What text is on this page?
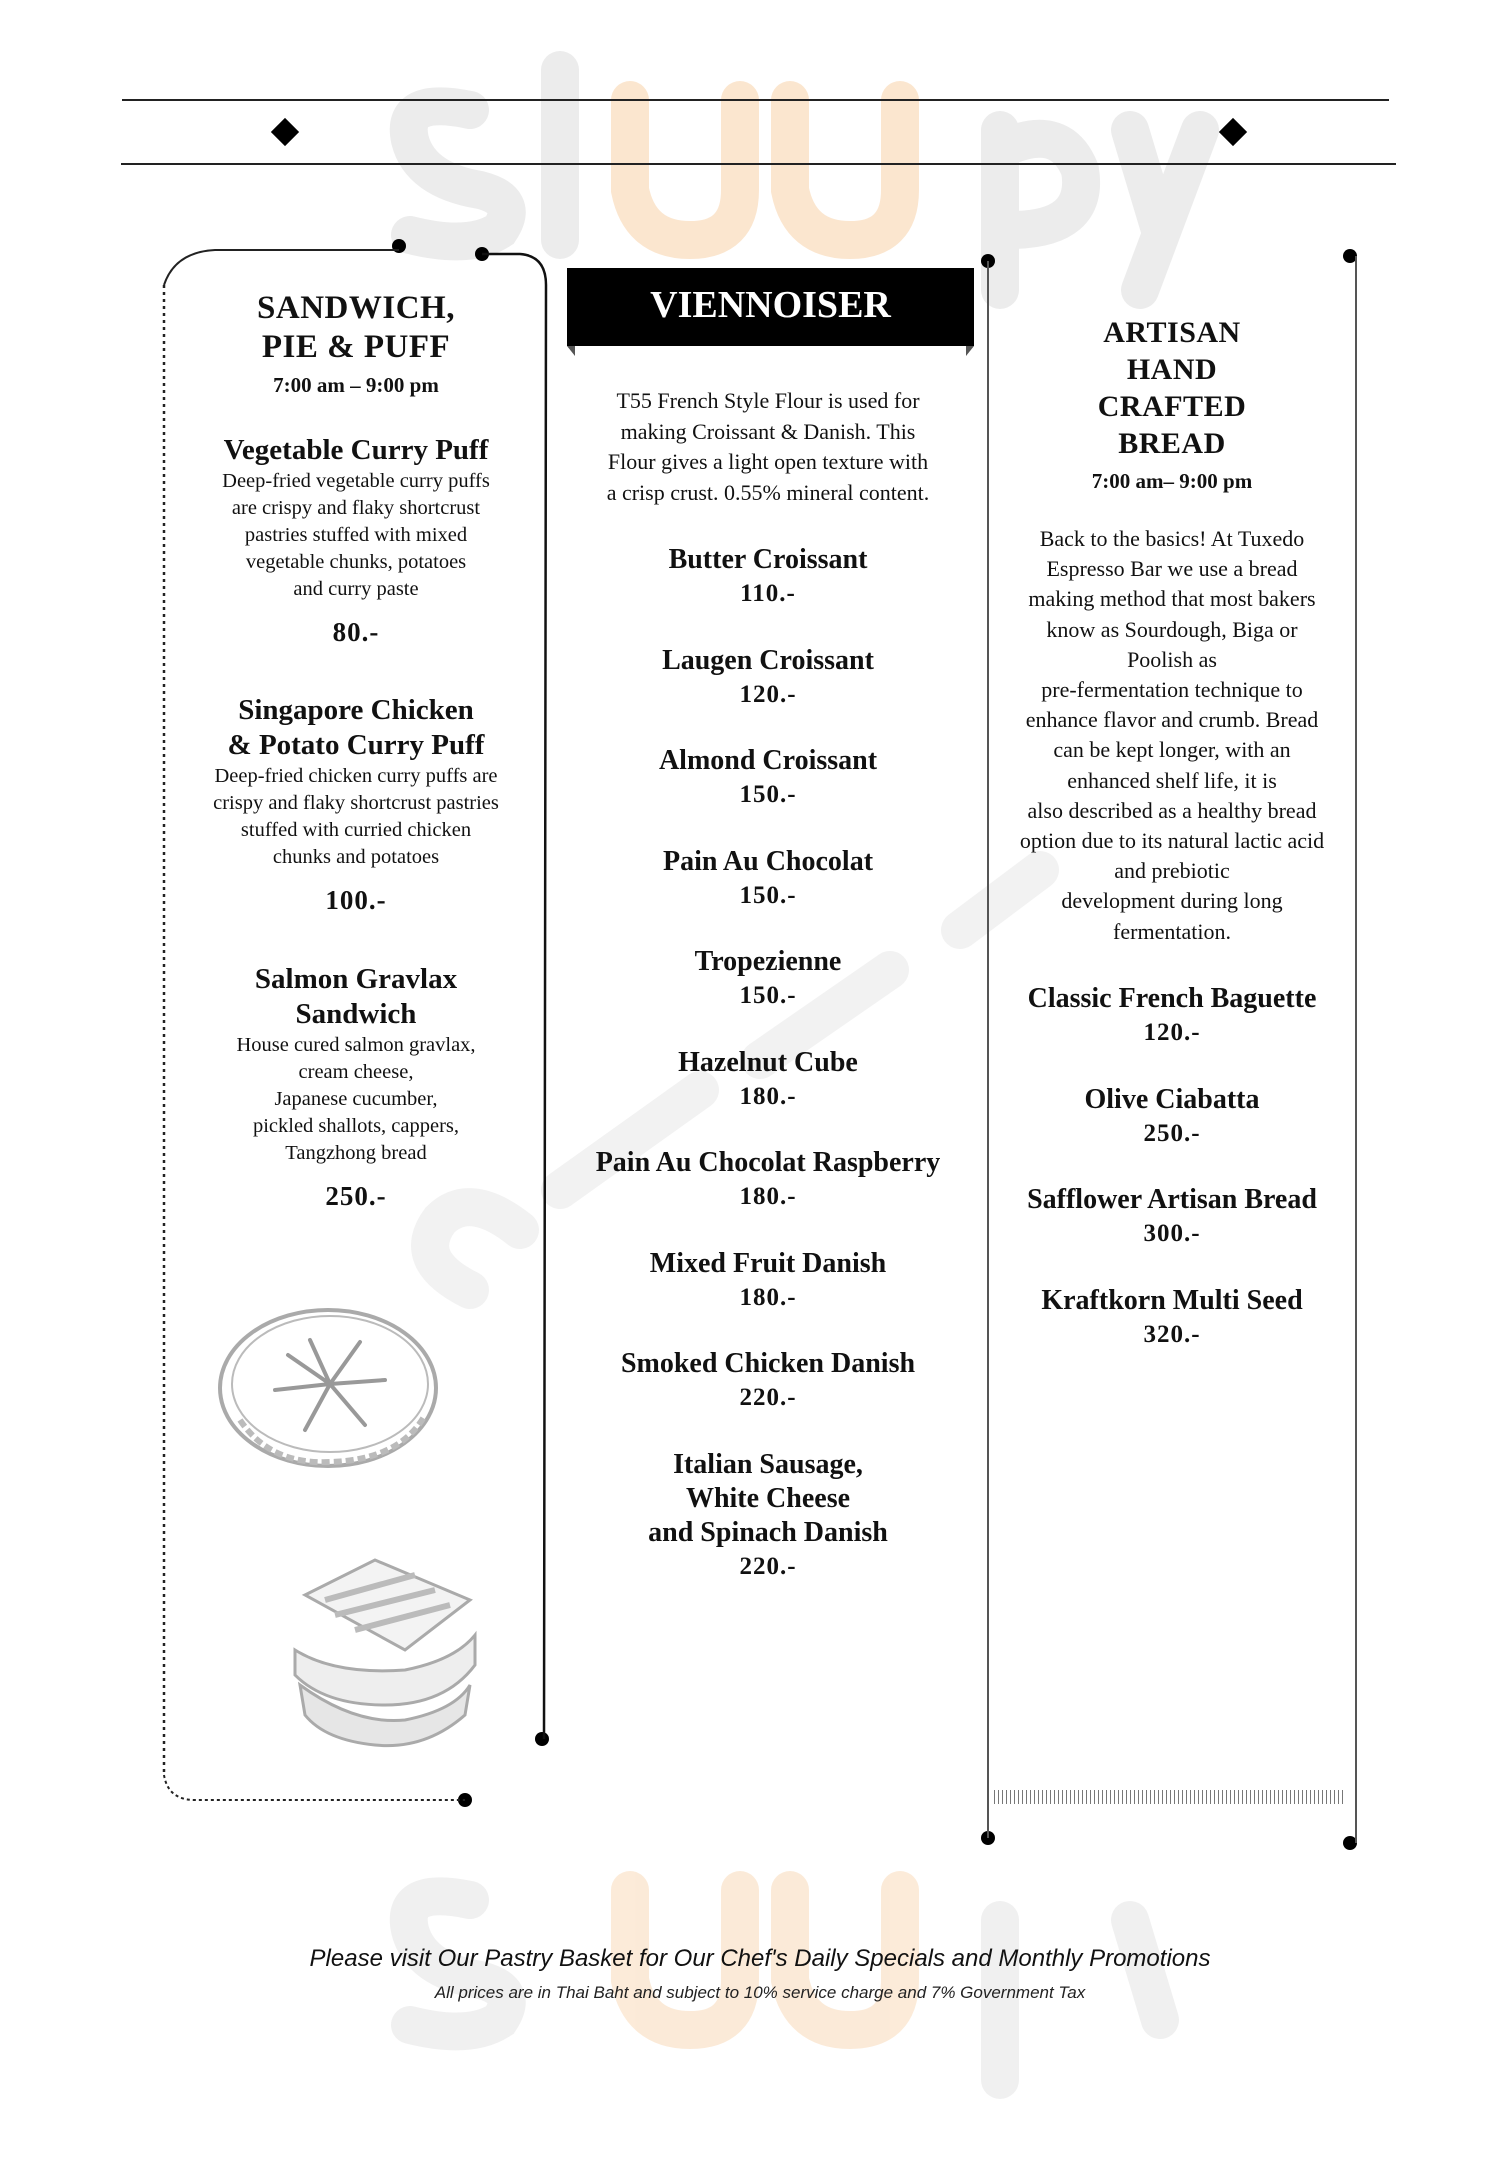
SANDWICH,
PIE & PUFF
7:00 am – 9:00 pm
Vegetable Curry Puff
Deep-fried vegetable curry puffs
are crispy and flaky shortcrust
pastries stuffed with mixed
vegetable chunks, potatoes
and curry paste
80.-
Singapore Chicken
& Potato Curry Puff
Deep-fried chicken curry puffs are
crispy and flaky shortcrust pastries
stuffed with curried chicken
chunks and potatoes
100.-
Salmon Gravlax
Sandwich
House cured salmon gravlax,
cream cheese,
Japanese cucumber,
pickled shallots, cappers,
Tangzhong bread
250.-
VIENNOISER
T55 French Style Flour is used for
making Croissant & Danish. This
Flour gives a light open texture with
a crisp crust. 0.55% mineral content.
Butter Croissant
110.-
Laugen Croissant
120.-
Almond Croissant
150.-
Pain Au Chocolat
150.-
Tropezienne
150.-
Hazelnut Cube
180.-
Pain Au Chocolat Raspberry
180.-
Mixed Fruit Danish
180.-
Smoked Chicken Danish
220.-
Italian Sausage,
White Cheese
and Spinach Danish
220.-
ARTISAN
HAND
CRAFTED
BREAD
7:00 am– 9:00 pm
Back to the basics! At Tuxedo
Espresso Bar we use a bread
making method that most bakers
know as Sourdough, Biga or
Poolish as
pre-fermentation technique to
enhance flavor and crumb. Bread
can be kept longer, with an
enhanced shelf life, it is
also described as a healthy bread
option due to its natural lactic acid
and prebiotic
development during long
fermentation.
Classic French Baguette
120.-
Olive Ciabatta
250.-
Safflower Artisan Bread
300.-
Kraftkorn Multi Seed
320.-
Please visit Our Pastry Basket for Our Chef's Daily Specials and Monthly Promotions
All prices are in Thai Baht and subject to 10% service charge and 7% Government Tax
